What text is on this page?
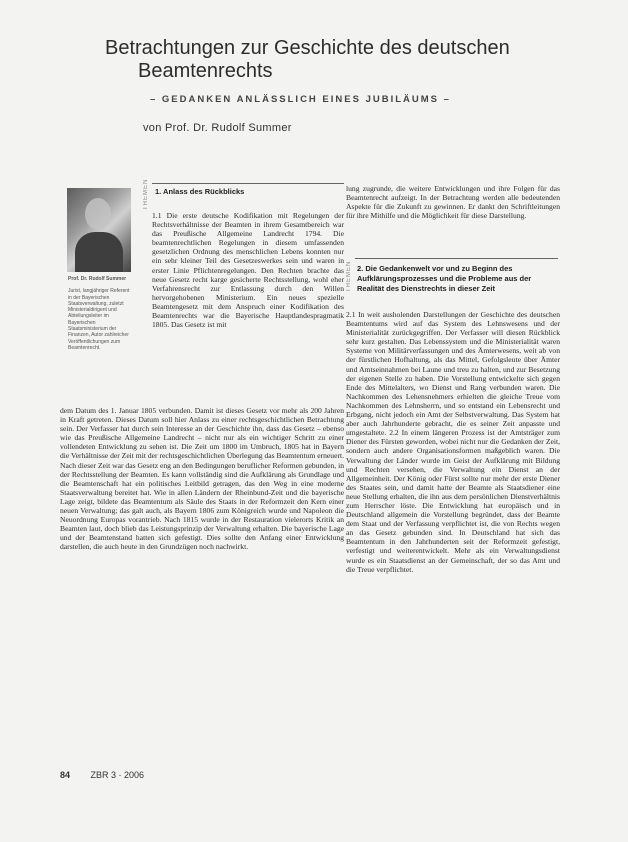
Betrachtungen zur Geschichte des deutschen
Beamtenrechts
– GEDANKEN ANLÄSSLICH EINES JUBILÄUMS –
von Prof. Dr. Rudolf Summer
Prof. Dr. Rudolf Summer
Jurist, langjähriger Referent in der Bayerischen Staatsverwaltung, zuletzt Ministerialdirigent und Abteilungsleiter im Bayerischen Staatsministerium der Finanzen, Autor zahlreicher Veröffentlichungen zum Beamtenrecht.
THEMEN 1. Anlass des Rückblicks
1.1 Die erste deutsche Kodifikation mit Regelungen der Rechtsverhältnisse der Beamten in ihrem Gesamtbereich war das Preußische Allgemeine Landrecht 1794. Die beamtenrechtlichen Regelungen in diesem umfassenden gesetzlichen Ordnung des menschlichen Lebens konnten nur ein sehr kleiner Teil des Gesetzeswerkes sein und waren in erster Linie Pflichtenregelungen. Den Rechten brachte das neue Gesetz recht karge gesicherte Rechtsstellung, wohl eher Verfahrensrecht zur Entlassung durch den Willen hervorgehobenen Ministerium. Ein neues spezielle Beamtengesetz mit dem Anspruch einer Kodifikation des Beamtenrechts war die Bayerische Hauptlandespragmatik 1805. Das Gesetz ist mit
dem Datum des 1. Januar 1805 verbunden. Damit ist dieses Gesetz vor mehr als 200 Jahren in Kraft getreten. Dieses Datum soll hier Anlass zu einer rechtsgeschichtlichen Betrachtung sein. Der Verfasser hat durch sein Interesse an der Geschichte ihn, dass das Gesetz – ebenso wie das Preußische Allgemeine Landrecht – nicht nur als ein wichtiger Schritt zu einer vollendeten Entwicklung zu sehen ist. Die Zeit um 1800 im Umbruch, 1805 hat in Bayern die Verhältnisse der Zeit mit der rechtsgeschichtlichen Überlegung das Beamtentum erneuert. Nach dieser Zeit war das Gesetz eng an den Bedingungen beruflicher Reformen gebunden, in der Rechtsstellung der Beamten. Es kann vollständig sind die Aufklärung als Grundlage und die Beamtenschaft hat ein politisches Leitbild getragen, das den Weg in eine moderne Staatsverwaltung bereitet hat. Wie in allen Ländern der Rheinbund-Zeit und die bayerische Lage zeigt, bildete das Beamtentum als Säule des Staats in der Reformzeit den Kern einer neuen Verwaltung; das galt auch, als Bayern 1806 zum Königreich wurde und Napoleon die Neuordnung Europas vorantrieb. Nach 1815 wurde in der Restauration vielerorts Kritik an Beamten laut, doch blieb das Leistungsprinzip der Verwaltung erhalten. Die bayerische Lage und der Beamtenstand hatten sich gefestigt. Dies sollte den Anfang einer Entwicklung darstellen, die auch heute in den Grundzügen noch nachwirkt.
lung zugrunde, die weitere Entwicklungen und ihre Folgen für das Beamtenrecht aufzeigt. In der Betrachtung werden alle bedeutenden Aspekte für die Zukunft zu gewinnen. Er dankt den Schriftleitungen für ihre Mithilfe und die Möglichkeit für diese Darstellung.
THEMEN 2. Die Gedankenwelt vor und zu Beginn des Aufklärungsprozesses und die Probleme aus der Realität des Dienstrechts in dieser Zeit
2.1 In weit ausholenden Darstellungen der Geschichte des deutschen Beamtentums wird auf das System des Lehnswesens und der Ministerialität zurückgegriffen. Der Verfasser will diesen Rückblick sehr kurz gestalten. Das Lebenssystem und die Ministerialität waren Systeme von Militärverfassungen und des Ämterwesens, weit ab von der fürstlichen Hofhaltung, als das Mittel, Gefolgsleute über Ämter und Amtseinnahmen bei Laune und treu zu halten, und zur Besetzung der eigenen Stelle zu haben. Die Vorstellung entwickelte sich gegen Ende des Mittelalters, wo Dienst und Rang verbunden waren. Die Nachkommen des Lehensnehmers erhielten die gleiche Treue vom Nachkommen des Lehnsherrn, und so entstand ein Lebensrecht und Erbgang, nicht jedoch ein Amt der Selbstverwaltung. Das System hat aber auch Jahrhunderte gebracht, die es seiner Zeit anpasste und umgestaltete. 2.2 In einem längeren Prozess ist der Amtsträger zum Diener des Fürsten geworden, wobei nicht nur die Gedanken der Zeit, sondern auch andere Organisationsformen maßgeblich waren. Die Verwaltung der Länder wurde im Geist der Aufklärung mit Bildung und Rechten versehen, die Verwaltung ein Dienst an der Allgemeinheit. Der König oder Fürst sollte nur mehr der erste Diener des Staates sein, und damit hatte der Beamte als Staatsdiener eine neue Stellung erhalten, die ihn aus dem persönlichen Dienstverhältnis zum Herrscher löste. Die Entwicklung hat europäisch und in Deutschland allgemein die Vorstellung begründet, dass der Beamte dem Staat und der Verfassung verpflichtet ist, die von Rechts wegen an das Gesetz gebunden sind. In Deutschland hat sich das Beamtentum in den Jahrhunderten seit der Reformzeit gefestigt, verfestigt und weiterentwickelt. Mehr als ein Verwaltungsdienst wurde es ein Staatsdienst an der Gemeinschaft, der so das Amt und die Treue verpflichtet.
84 ZBR 3 · 2006
